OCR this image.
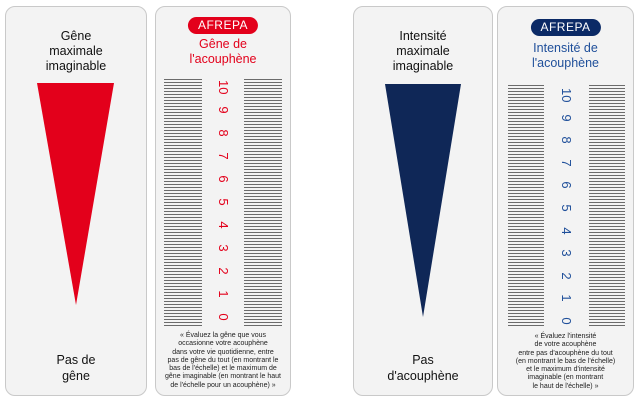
Gêne
maximale
imaginable
Pas de
gêne
AFREPA
Gêne de
l'acouphène
10
9
8
7
6
5
4
3
2
1
0
« Évaluez la gêne que vous
occasionne votre acouphène
dans votre vie quotidienne, entre
pas de gêne du tout (en montrant le
bas de l'échelle) et le maximum de
gêne imaginable (en montrant le haut
de l'échelle pour un acouphène) »
Intensité
maximale
imaginable
Pas
d'acouphène
AFREPA
Intensité de
l'acouphène
10
9
8
7
6
5
4
3
2
1
0
« Évaluez l'intensité
de votre acouphène
entre pas d'acouphène du tout
(en montrant le bas de l'échelle)
et le maximum d'intensité
imaginable (en montrant
le haut de l'échelle) »
